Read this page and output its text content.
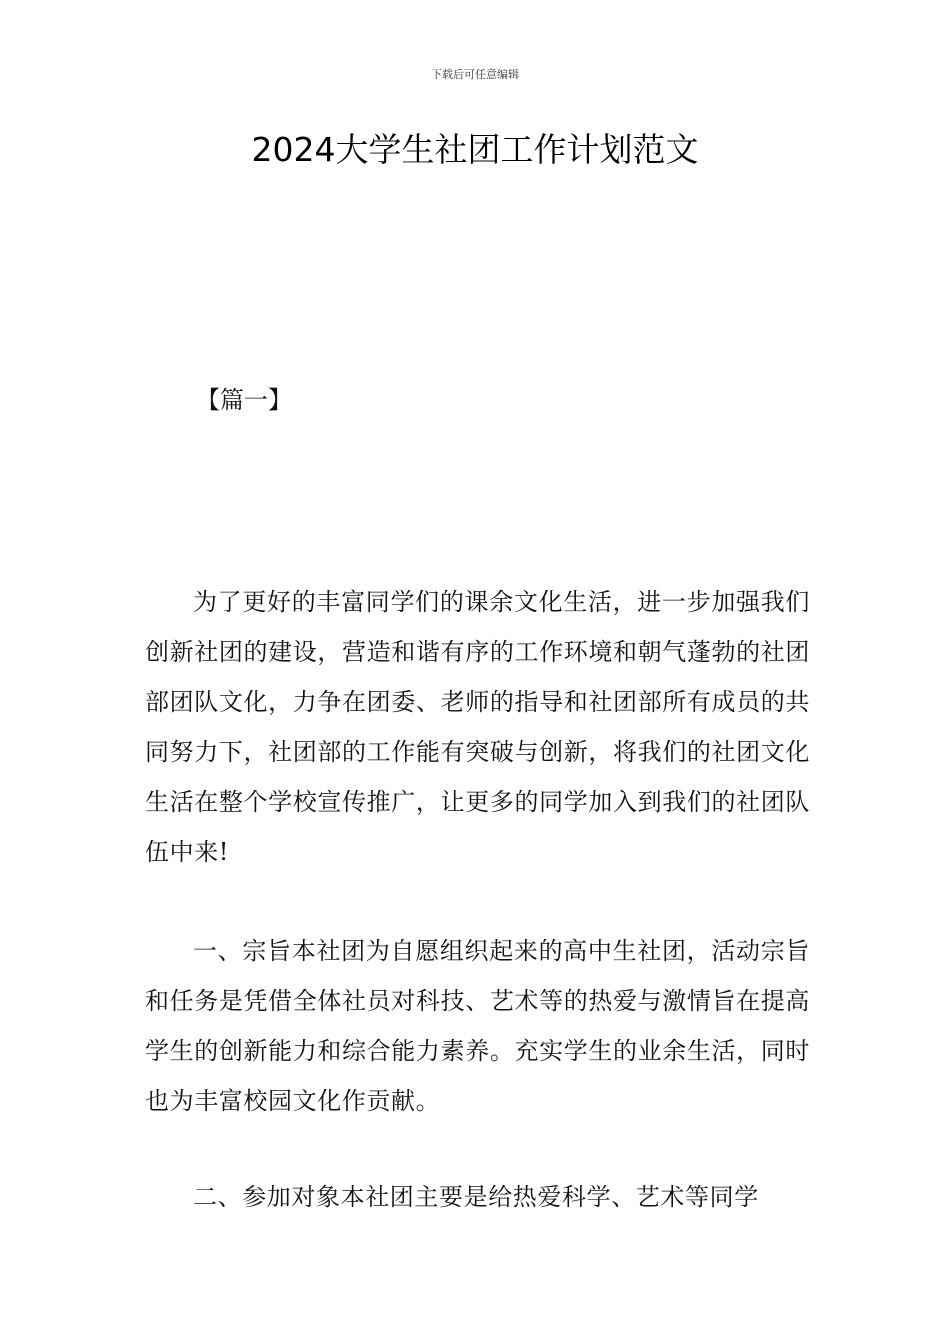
下载后可任意编辑
2024大学生社团工作计划范文
【篇一】

为了更好的丰富同学们的课余文化生活，进一步加强我们创新社团的建设，营造和谐有序的工作环境和朝气蓬勃的社团部团队文化，力争在团委、老师的指导和社团部所有成员的共同努力下，社团部的工作能有突破与创新，将我们的社团文化生活在整个学校宣传推广，让更多的同学加入到我们的社团队伍中来!

一、宗旨本社团为自愿组织起来的高中生社团，活动宗旨和任务是凭借全体社员对科技、艺术等的热爱与激情旨在提高学生的创新能力和综合能力素养。充实学生的业余生活，同时也为丰富校园文化作贡献。

二、参加对象本社团主要是给热爱科学、艺术等同学
